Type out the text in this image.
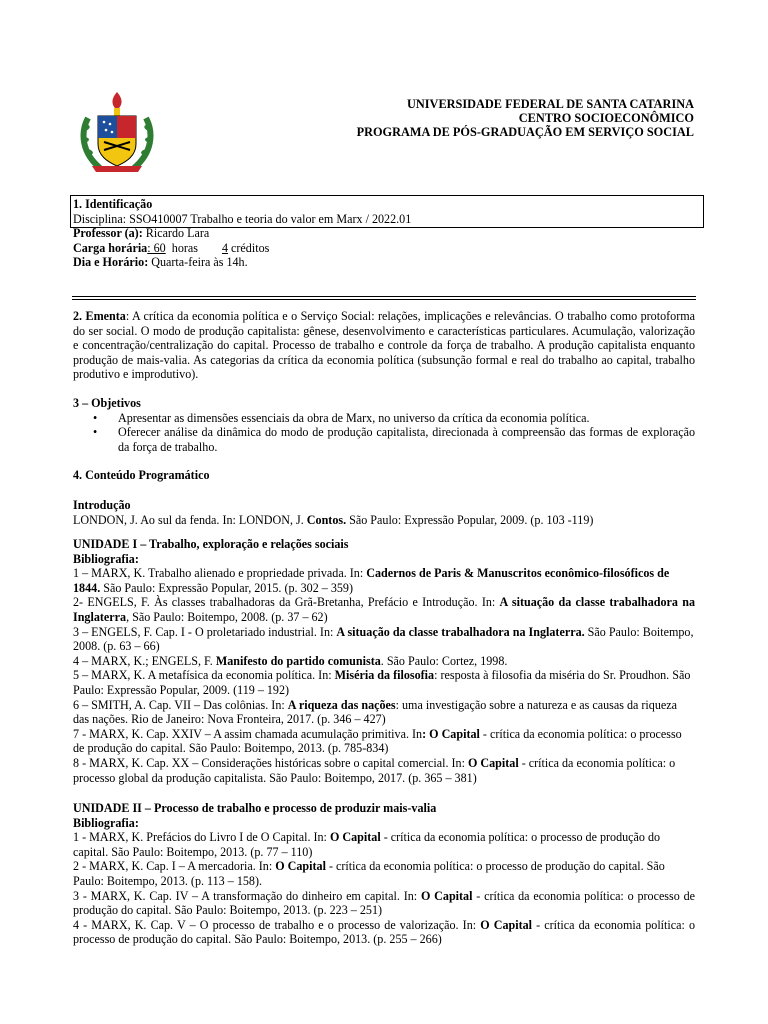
UNIVERSIDADE FEDERAL DE SANTA CATARINA
CENTRO SOCIOECONÔMICO
PROGRAMA DE PÓS-GRADUAÇÃO EM SERVIÇO SOCIAL

1. Identificação

Disciplina: SSO410007 Trabalho e teoria do valor em Marx / 2022.01

Professor (a): Ricardo Lara

Carga horária: 60  horas 4 créditos

Dia e Horário: Quarta-feira às 14h.

2. Ementa: A crítica da economia política e o Serviço Social: relações, implicações e relevâncias. O trabalho como protoforma do ser social. O modo de produção capitalista: gênese, desenvolvimento e características particulares. Acumulação, valorização e concentração/centralização do capital. Processo de trabalho e controle da força de trabalho. A produção capitalista enquanto produção de mais-valia. As categorias da crítica da economia política (subsunção formal e real do trabalho ao capital, trabalho produtivo e improdutivo).

3 – Objetivos

• Apresentar as dimensões essenciais da obra de Marx, no universo da crítica da economia política.
• Oferecer análise da dinâmica do modo de produção capitalista, direcionada à compreensão das formas de exploração da força de trabalho.
4. Conteúdo Programático

Introdução

LONDON, J. Ao sul da fenda. In: LONDON, J. Contos. São Paulo: Expressão Popular, 2009. (p. 103 -119)

UNIDADE I – Trabalho, exploração e relações sociais

Bibliografia:

1 – MARX, K. Trabalho alienado e propriedade privada. In: Cadernos de Paris & Manuscritos econômico-filosóficos de 1844. São Paulo: Expressão Popular, 2015. (p. 302 – 359)

2- ENGELS, F. Às classes trabalhadoras da Grã-Bretanha, Prefácio e Introdução. In: A situação da classe trabalhadora na Inglaterra, São Paulo: Boitempo, 2008. (p. 37 – 62)

3 – ENGELS, F. Cap. I - O proletariado industrial. In: A situação da classe trabalhadora na Inglaterra. São Paulo: Boitempo, 2008. (p. 63 – 66)

4 – MARX, K.; ENGELS, F. Manifesto do partido comunista. São Paulo: Cortez, 1998.

5 – MARX, K. A metafísica da economia política. In: Miséria da filosofia: resposta à filosofia da miséria do Sr. Proudhon. São Paulo: Expressão Popular, 2009. (119 – 192)

6 – SMITH, A. Cap. VII – Das colônias. In: A riqueza das nações: uma investigação sobre a natureza e as causas da riqueza das nações. Rio de Janeiro: Nova Fronteira, 2017. (p. 346 – 427)

7 - MARX, K. Cap. XXIV – A assim chamada acumulação primitiva. In: O Capital - crítica da economia política: o processo de produção do capital. São Paulo: Boitempo, 2013. (p. 785-834)

8 - MARX, K. Cap. XX – Considerações históricas sobre o capital comercial. In: O Capital - crítica da economia política: o processo global da produção capitalista. São Paulo: Boitempo, 2017. (p. 365 – 381)

UNIDADE II – Processo de trabalho e processo de produzir mais-valia

Bibliografia:

1 - MARX, K. Prefácios do Livro I de O Capital. In: O Capital - crítica da economia política: o processo de produção do capital. São Paulo: Boitempo, 2013. (p. 77 – 110)

2 - MARX, K. Cap. I – A mercadoria. In: O Capital - crítica da economia política: o processo de produção do capital. São Paulo: Boitempo, 2013. (p. 113 – 158).

3 - MARX, K. Cap. IV – A transformação do dinheiro em capital. In: O Capital - crítica da economia política: o processo de produção do capital. São Paulo: Boitempo, 2013. (p. 223 – 251)

4 - MARX, K. Cap. V – O processo de trabalho e o processo de valorização. In: O Capital - crítica da economia política: o processo de produção do capital. São Paulo: Boitempo, 2013. (p. 255 – 266)
